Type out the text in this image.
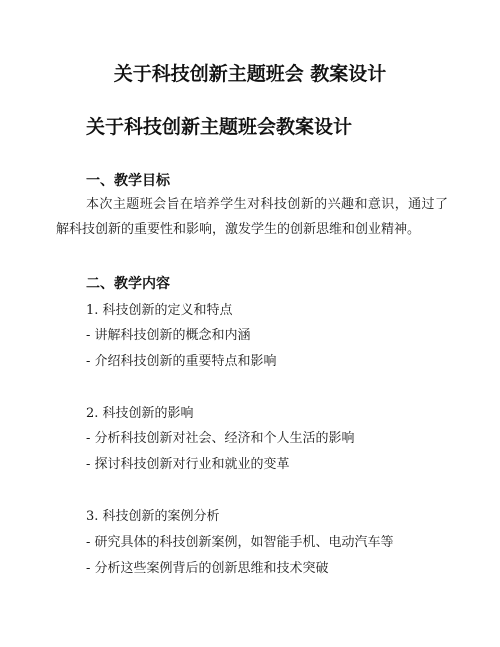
关于科技创新主题班会 教案设计
关于科技创新主题班会教案设计
一、教学目标

本次主题班会旨在培养学生对科技创新的兴趣和意识，通过了解科技创新的重要性和影响，激发学生的创新思维和创业精神。

二、教学内容
1. 科技创新的定义和特点
- 讲解科技创新的概念和内涵
- 介绍科技创新的重要特点和影响
2. 科技创新的影响
- 分析科技创新对社会、经济和个人生活的影响
- 探讨科技创新对行业和就业的变革
3. 科技创新的案例分析
- 研究具体的科技创新案例，如智能手机、电动汽车等
- 分析这些案例背后的创新思维和技术突破
